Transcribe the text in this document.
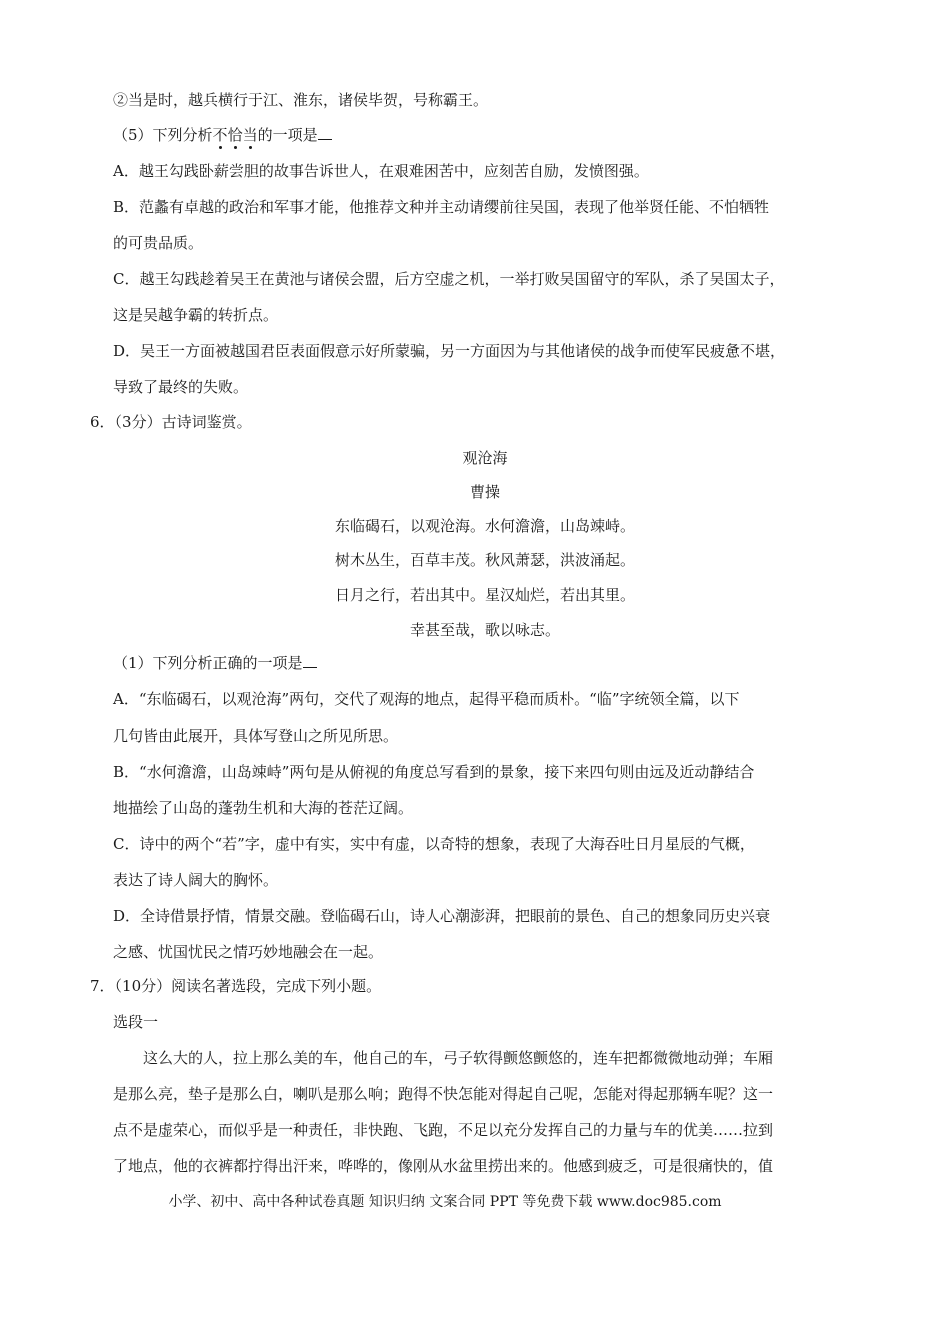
②当是时，越兵横行于江、淮东，诸侯毕贺，号称霸王。

（5）下列分析不恰当的一项是

A．越王勾践卧薪尝胆的故事告诉世人，在艰难困苦中，应刻苦自励，发愤图强。

B．范蠡有卓越的政治和军事才能，他推荐文种并主动请缨前往吴国，表现了他举贤任能、不怕牺牲

的可贵品质。

C．越王勾践趁着吴王在黄池与诸侯会盟，后方空虚之机，一举打败吴国留守的军队，杀了吴国太子，

这是吴越争霸的转折点。

D．吴王一方面被越国君臣表面假意示好所蒙骗，另一方面因为与其他诸侯的战争而使军民疲惫不堪，

导致了最终的失败。

6．（3分）古诗词鉴赏。

观沧海
曹操
东临碣石，以观沧海。水何澹澹，山岛竦峙。
树木丛生，百草丰茂。秋风萧瑟，洪波涌起。
日月之行，若出其中。星汉灿烂，若出其里。
幸甚至哉，歌以咏志。

（1）下列分析正确的一项是

A．“东临碣石，以观沧海”两句，交代了观海的地点，起得平稳而质朴。“临”字统领全篇，以下

几句皆由此展开，具体写登山之所见所思。

B．“水何澹澹，山岛竦峙”两句是从俯视的角度总写看到的景象，接下来四句则由远及近动静结合

地描绘了山岛的蓬勃生机和大海的苍茫辽阔。

C．诗中的两个“若”字，虚中有实，实中有虚，以奇特的想象，表现了大海吞吐日月星辰的气概，

表达了诗人阔大的胸怀。

D．全诗借景抒情，情景交融。登临碣石山，诗人心潮澎湃，把眼前的景色、自己的想象同历史兴衰

之感、忧国忧民之情巧妙地融会在一起。

7．（10分）阅读名著选段，完成下列小题。

选段一

这么大的人，拉上那么美的车，他自己的车，弓子软得颤悠颤悠的，连车把都微微地动弹；车厢

是那么亮，垫子是那么白，喇叭是那么响；跑得不快怎能对得起自己呢，怎能对得起那辆车呢？这一

点不是虚荣心，而似乎是一种责任，非快跑、飞跑，不足以充分发挥自己的力量与车的优美……拉到

了地点，他的衣裤都拧得出汗来，哗哗的，像刚从水盆里捞出来的。他感到疲乏，可是很痛快的，值

小学、初中、高中各种试卷真题 知识归纳 文案合同 PPT 等免费下载 www.doc985.com
